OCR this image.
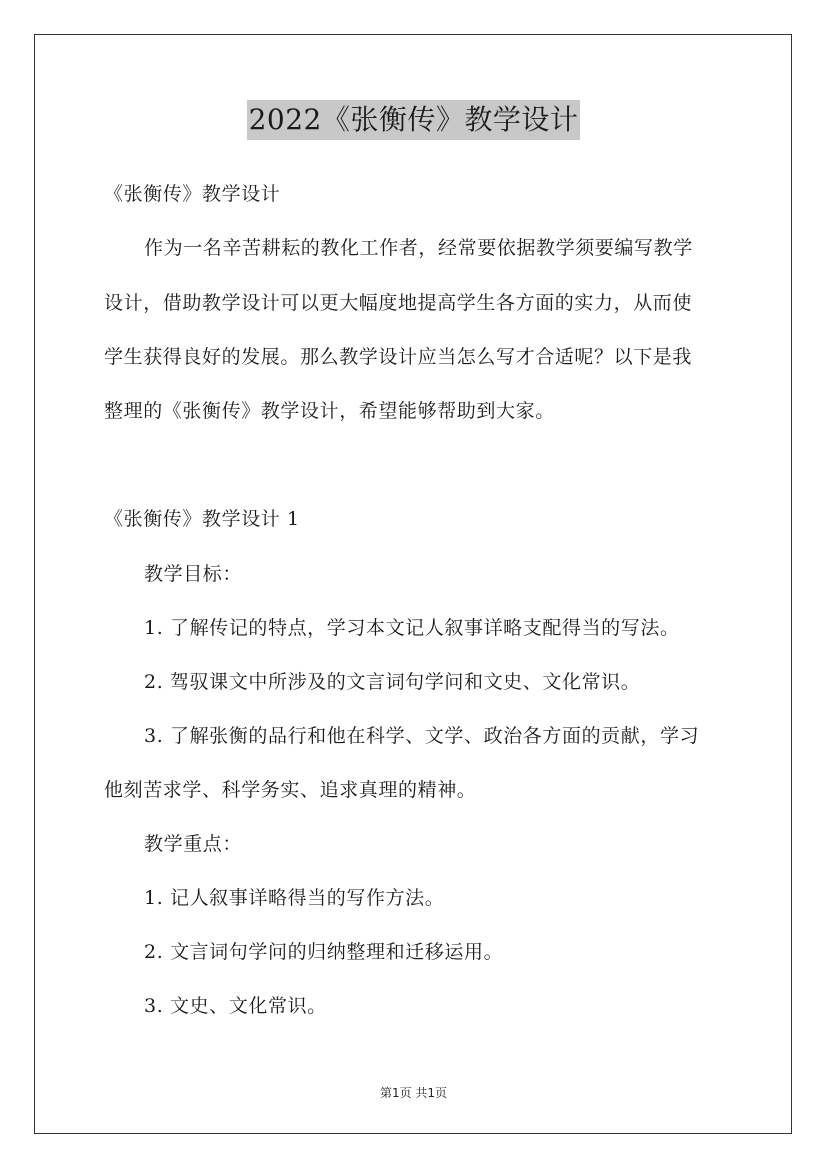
2022《张衡传》教学设计
《张衡传》教学设计
作为一名辛苦耕耘的教化工作者，经常要依据教学须要编写教学
设计，借助教学设计可以更大幅度地提高学生各方面的实力，从而使
学生获得良好的发展。那么教学设计应当怎么写才合适呢？以下是我
整理的《张衡传》教学设计，希望能够帮助到大家。
《张衡传》教学设计 1
教学目标：
1. 了解传记的特点，学习本文记人叙事详略支配得当的写法。
2. 驾驭课文中所涉及的文言词句学问和文史、文化常识。
3. 了解张衡的品行和他在科学、文学、政治各方面的贡献，学习
他刻苦求学、科学务实、追求真理的精神。
教学重点：
1. 记人叙事详略得当的写作方法。
2. 文言词句学问的归纳整理和迁移运用。
3. 文史、文化常识。
第1页 共1页
